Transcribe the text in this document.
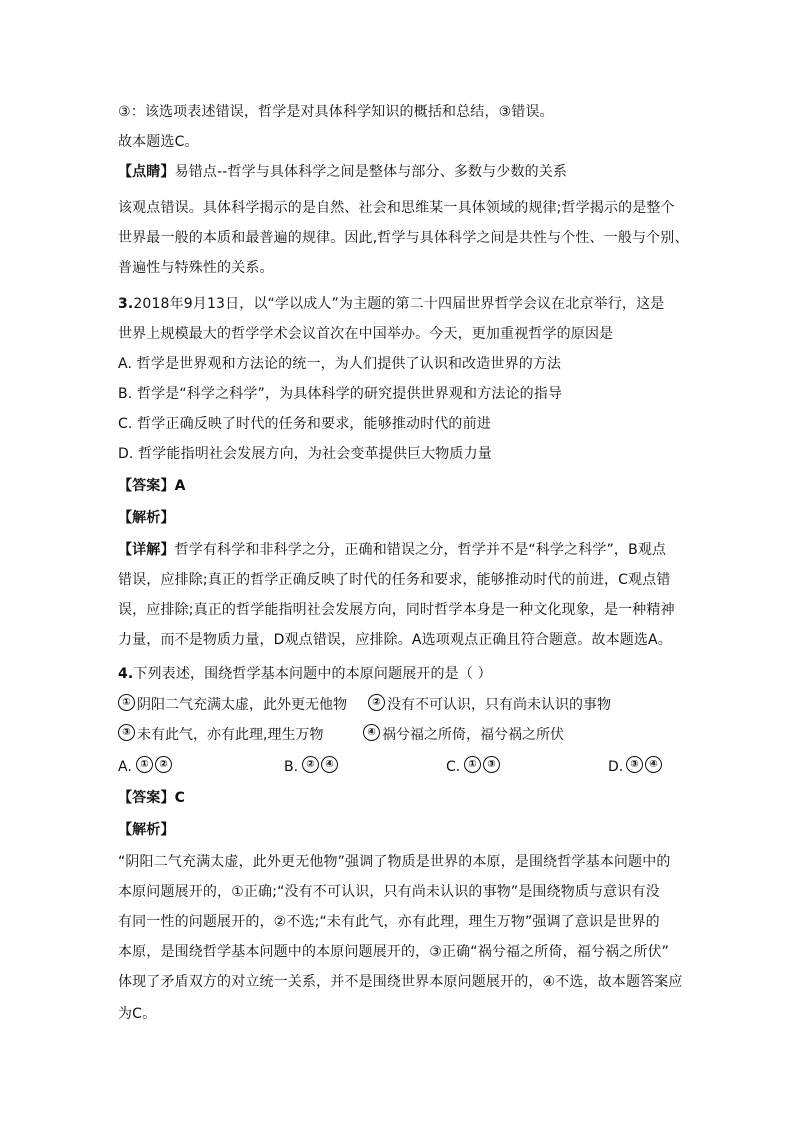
③：该选项表述错误，哲学是对具体科学知识的概括和总结，③错误。
故本题选C。
【点睛】易错点--哲学与具体科学之间是整体与部分、多数与少数的关系
该观点错误。具体科学揭示的是自然、社会和思维某一具体领域的规律;哲学揭示的是整个
世界最一般的本质和最普遍的规律。因此,哲学与具体科学之间是共性与个性、一般与个别、
普遍性与特殊性的关系。
3.2018年9月13日，以“学以成人”为主题的第二十四届世界哲学会议在北京举行，这是
世界上规模最大的哲学学术会议首次在中国举办。今天，更加重视哲学的原因是
A. 哲学是世界观和方法论的统一，为人们提供了认识和改造世界的方法
B. 哲学是“科学之科学”，为具体科学的研究提供世界观和方法论的指导
C. 哲学正确反映了时代的任务和要求，能够推动时代的前进
D. 哲学能指明社会发展方向，为社会变革提供巨大物质力量
【答案】A
【解析】
【详解】哲学有科学和非科学之分，正确和错误之分，哲学并不是“科学之科学”，B观点
错误，应排除;真正的哲学正确反映了时代的任务和要求，能够推动时代的前进，C观点错
误，应排除;真正的哲学能指明社会发展方向，同时哲学本身是一种文化现象，是一种精神
力量，而不是物质力量，D观点错误，应排除。A选项观点正确且符合题意。故本题选A。
4.下列表述，围绕哲学基本问题中的本原问题展开的是（ ）
① 阴阳二气充满太虚，此外更无他物	② 没有不可认识，只有尚未认识的事物
③ 未有此气，亦有此理,理生万物	④ 祸兮福之所倚，福兮祸之所伏
A. ① ②	B. ② ④	C. ① ③	D. ③ ④
【答案】C
【解析】
“阴阳二气充满太虚，此外更无他物”强调了物质是世界的本原，是围绕哲学基本问题中的
本原问题展开的，①正确;“没有不可认识，只有尚未认识的事物”是围绕物质与意识有没
有同一性的问题展开的，②不选;“未有此气，亦有此理，理生万物”强调了意识是世界的
本原，是围绕哲学基本问题中的本原问题展开的，③正确“祸兮福之所倚，福兮祸之所伏”
体现了矛盾双方的对立统一关系，并不是围绕世界本原问题展开的，④不选，故本题答案应
为C。
